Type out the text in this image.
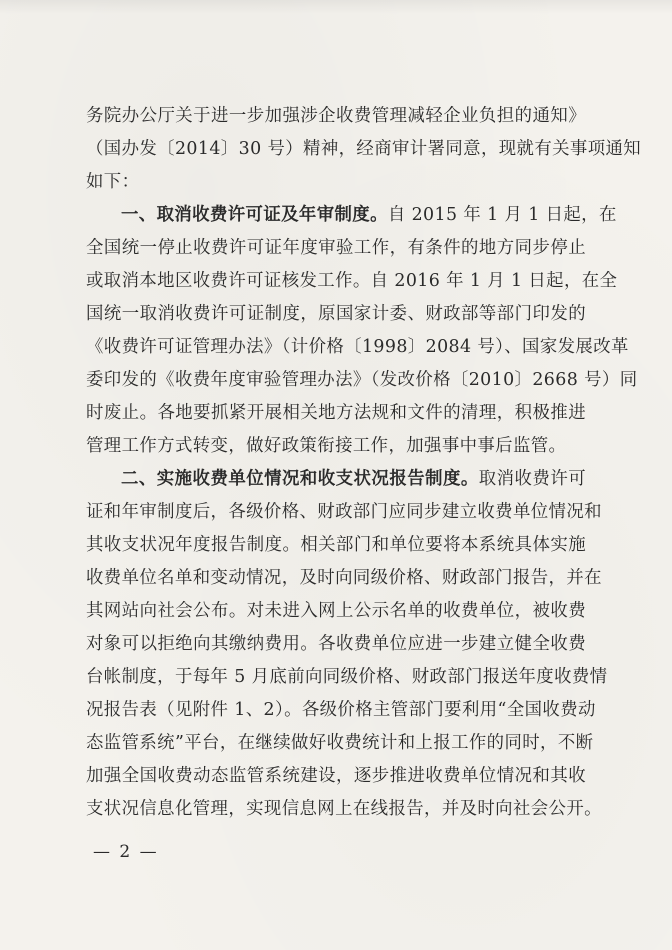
务院办公厅关于进一步加强涉企收费管理减轻企业负担的通知》
（国办发〔2014〕30 号）精神，经商审计署同意，现就有关事项通知
如下：
一、取消收费许可证及年审制度。自 2015 年 1 月 1 日起，在
全国统一停止收费许可证年度审验工作，有条件的地方同步停止
或取消本地区收费许可证核发工作。自 2016 年 1 月 1 日起，在全
国统一取消收费许可证制度，原国家计委、财政部等部门印发的
《收费许可证管理办法》（计价格〔1998〕2084 号）、国家发展改革
委印发的《收费年度审验管理办法》（发改价格〔2010〕2668 号）同
时废止。各地要抓紧开展相关地方法规和文件的清理，积极推进
管理工作方式转变，做好政策衔接工作，加强事中事后监管。
二、实施收费单位情况和收支状况报告制度。取消收费许可
证和年审制度后，各级价格、财政部门应同步建立收费单位情况和
其收支状况年度报告制度。相关部门和单位要将本系统具体实施
收费单位名单和变动情况，及时向同级价格、财政部门报告，并在
其网站向社会公布。对未进入网上公示名单的收费单位，被收费
对象可以拒绝向其缴纳费用。各收费单位应进一步建立健全收费
台帐制度，于每年 5 月底前向同级价格、财政部门报送年度收费情
况报告表（见附件 1、2）。各级价格主管部门要利用“全国收费动
态监管系统”平台，在继续做好收费统计和上报工作的同时，不断
加强全国收费动态监管系统建设，逐步推进收费单位情况和其收
支状况信息化管理，实现信息网上在线报告，并及时向社会公开。
— 2 —
